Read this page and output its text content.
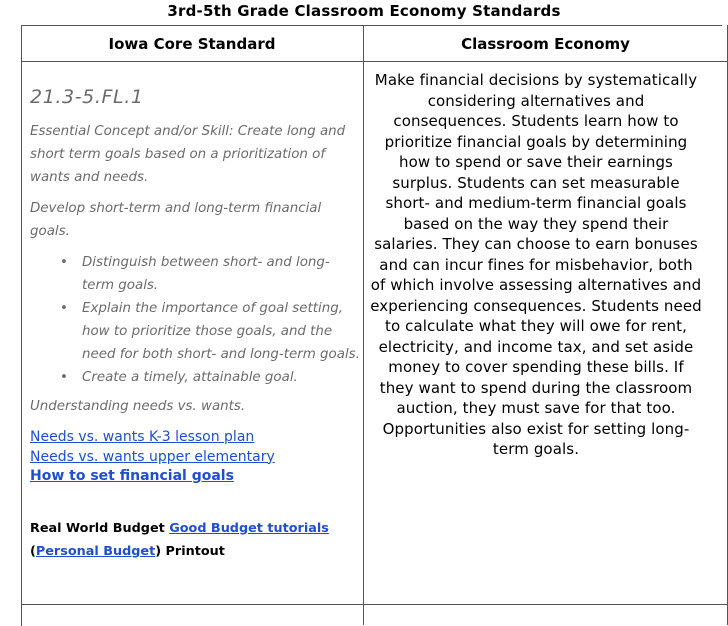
3rd-5th Grade Classroom Economy Standards
Iowa Core Standard	Classroom Economy
21.3-5.FL.1

Essential Concept and/or Skill: Create long and short term goals based on a prioritization of wants and needs.

Develop short-term and long-term financial goals.

• Distinguish between short- and long-term goals.
• Explain the importance of goal setting, how to prioritize those goals, and the need for both short- and long-term goals.
• Create a timely, attainable goal.

Understanding needs vs. wants.

Needs vs. wants K-3 lesson plan
Needs vs. wants upper elementary
How to set financial goals
Real World Budget Good Budget tutorials
(Personal Budget) Printout
Make financial decisions by systematically considering alternatives and consequences. Students learn how to prioritize financial goals by determining how to spend or save their earnings surplus. Students can set measurable short- and medium-term financial goals based on the way they spend their salaries. They can choose to earn bonuses and can incur fines for misbehavior, both of which involve assessing alternatives and experiencing consequences. Students need to calculate what they will owe for rent, electricity, and income tax, and set aside money to cover spending these bills. If they want to spend during the classroom auction, they must save for that too. Opportunities also exist for setting long-term goals.
